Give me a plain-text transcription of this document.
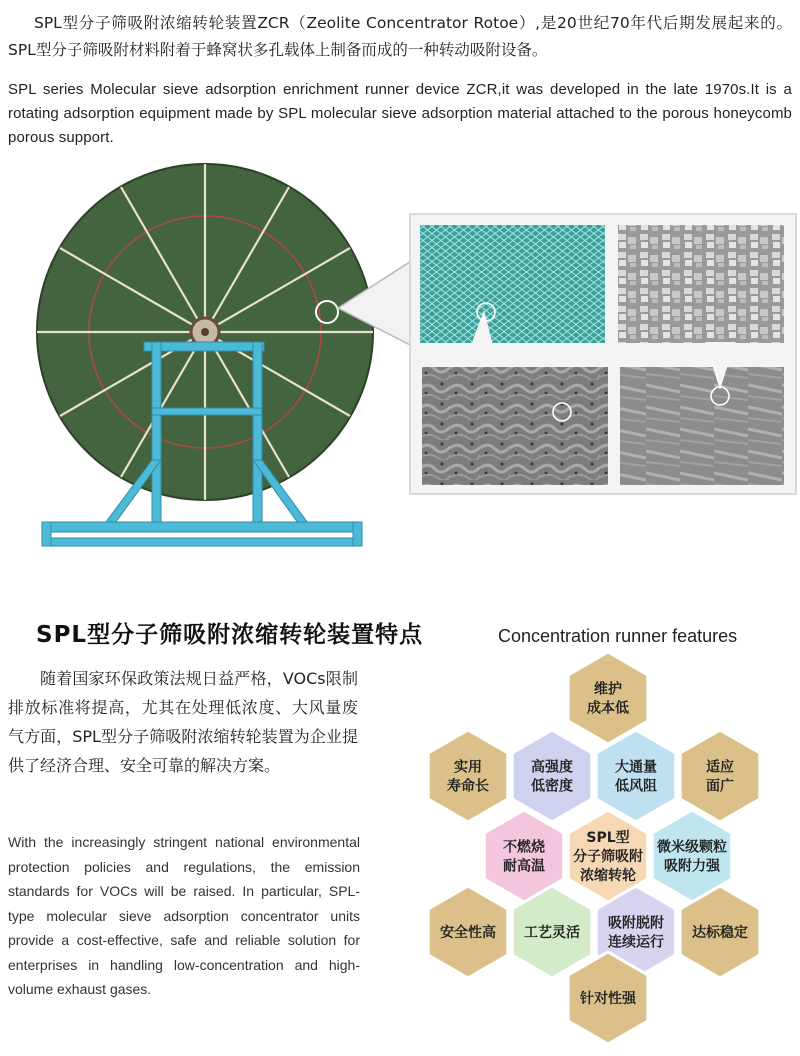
SPL型分子筛吸附浓缩转轮装置ZCR（Zeolite Concentrator Rotoe）,是20世纪70年代后期发展起来的。SPL型分子筛吸附材料附着于蜂窝状多孔载体上制备而成的一种转动吸附设备。

SPL series Molecular sieve adsorption enrichment runner device ZCR,it was developed in the late 1970s.It is a rotating adsorption equipment made by SPL molecular sieve adsorption material attached to the porous honeycomb porous support.

SPL型分子筛吸附浓缩转轮装置特点	Concentration runner features

随着国家环保政策法规日益严格，VOCs限制排放标准将提高，尤其在处理低浓度、大风量废气方面，SPL型分子筛吸附浓缩转轮装置为企业提供了经济合理、安全可靠的解决方案。

With the increasingly stringent national environmental protection policies and regulations, the emission standards for VOCs will be raised. In particular, SPL-type molecular sieve adsorption concentrator units provide a cost-effective, safe and reliable solution for enterprises in handling low-concentration and high-volume exhaust gases.

维护
成本低
实用
寿命长
高强度
低密度
大通量
低风阻
适应
面广
不燃烧
耐高温
SPL型
分子筛吸附
浓缩转轮
微米级颗粒
吸附力强
安全性高 工艺灵活
吸附脱附
连续运行
达标稳定
针对性强
